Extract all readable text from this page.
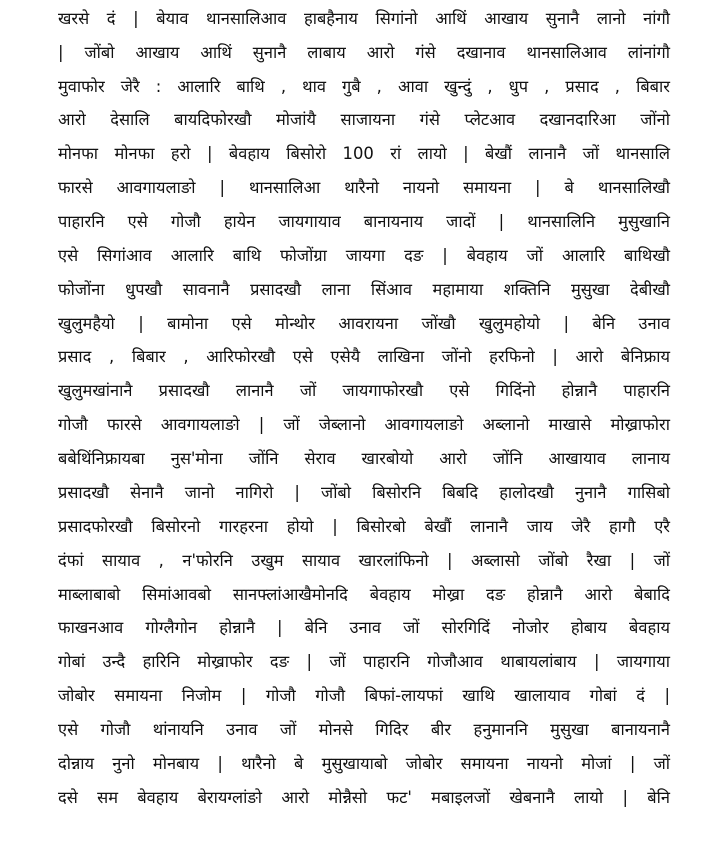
खरसे दं | बेयाव थानसालिआव हाबहैनाय सिगांनो आथिं आखाय सुनानै लानो नांगौ
| जोंबो आखाय आथिं सुनानै लाबाय आरो गंसे दखानाव थानसालिआव लांनांगौ
मुवाफोर जेरै : आलारि बाथि , थाव गुबै , आवा खुन्दुं , धुप , प्रसाद , बिबार
आरो देसालि बायदिफोरखौ मोजांयै साजायना गंसे प्लेटआव दखानदारिआ जोंनो
मोनफा मोनफा हरो | बेवहाय बिसोरो 100 रां लायो | बेखौं लानानै जों थानसालि
फारसे आवगायलाङो | थानसालिआ थारैनो नायनो समायना | बे थानसालिखौ
पाहारनि एसे गोजौ हायेन जायगायाव बानायनाय जादों | थानसालिनि मुसुखानि
एसे सिगांआव आलारि बाथि फोजोंग्रा जायगा दङ | बेवहाय जों आलारि बाथिखौ
फोजोंना धुपखौ सावनानै प्रसादखौ लाना सिंआव महामाया शक्तिनि मुसुखा देबीखौ
खुलुमहैयो | बामोना एसे मोन्थोर आवरायना जोंखौ खुलुमहोयो | बेनि उनाव
प्रसाद , बिबार , आरिफोरखौ एसे एसेयै लाखिना जोंनो हरफिनो | आरो बेनिफ्राय
खुलुमखांनानै प्रसादखौ लानानै जों जायगाफोरखौ एसे गिदिंनो होन्नानै पाहारनि
गोजौ फारसे आवगायलाङो | जों जेब्लानो आवगायलाङो अब्लानो माखासे मोख्राफोरा
बबेथिंनिफ्रायबा नुस'मोना जोंनि सेराव खारबोयो आरो जोंनि आखायाव लानाय
प्रसादखौ सेनानै जानो नागिरो | जोंबो बिसोरनि बिबदि हालोदखौ नुनानै गासिबो
प्रसादफोरखौ बिसोरनो गारहरना होयो | बिसोरबो बेखौं लानानै जाय जेरै हागौ एरै
दंफां सायाव , न'फोरनि उखुम सायाव खारलांफिनो | अब्लासो जोंबो रैखा | जों
माब्लाबाबो सिमांआवबो सानफ्लांआखैमोनदि बेवहाय मोख्रा दङ होन्नानै आरो बेबादि
फाखनआव गोग्लैगोन होन्नानै | बेनि उनाव जों सोरगिदिं नोजोर होबाय बेवहाय
गोबां उन्दै हारिनि मोख्राफोर दङ | जों पाहारनि गोजौआव थाबायलांबाय | जायगाया
जोबोर समायना निजोम | गोजौ गोजौ बिफां-लायफां खाथि खालायाव गोबां दं |
एसे गोजौ थांनायनि उनाव जों मोनसे गिदिर बीर हनुमाननि मुसुखा बानायनानै
दोन्नाय नुनो मोनबाय | थारैनो बे मुसुखायाबो जोबोर समायना नायनो मोजां | जों
दसे सम बेवहाय बेरायग्लांङो आरो मोन्नैसो फट' मबाइलजों खेबनानै लायो | बेनि
